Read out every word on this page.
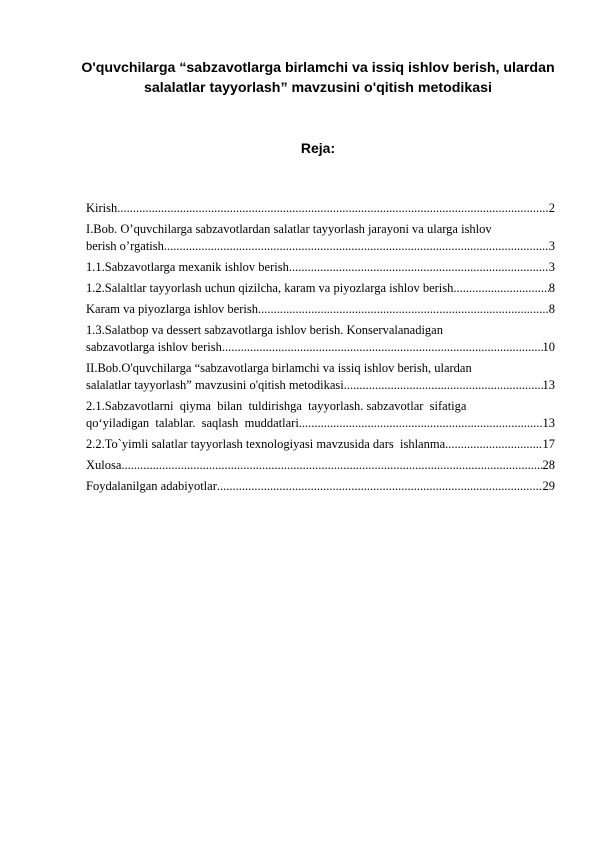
O'quvchilarga “sabzavotlarga birlamchi va issiq ishlov berish, ulardan
salalatlar tayyorlash” mavzusini o'qitish metodikasi
Reja:
Kirish .....	2
I.Bob. O’quvchilarga sabzavotlardan salatlar tayyorlash jarayoni va ularga ishlov
berish o’rgatish .....	3
1.1.Sabzavotlarga mexanik ishlov berish .....	3
1.2.Salaltlar tayyorlash uchun qizilcha, karam va piyozlarga ishlov berish .....	8
Karam va piyozlarga ishlov berish .....	8
1.3.Salatbop va dessert sabzavotlarga ishlov berish. Konservalanadigan
sabzavotlarga ishlov berish .....	10
II.Bob.O'quvchilarga “sabzavotlarga birlamchi va issiq ishlov berish, ulardan
salalatlar tayyorlash” mavzusini o'qitish metodikasi .....	13
2.1.Sabzavotlarni  qiyma  bilan  tuldirishga  tayyorlash. sabzavotlar  sifatiga
qo‘yiladigan  talablar.  saqlash  muddatlari .....	13
2.2.To`yimli salatlar tayyorlash texnologiyasi mavzusida dars  ishlanma .....	17
Xulosa .....	28
Foydalanilgan adabiyotlar .....	29
